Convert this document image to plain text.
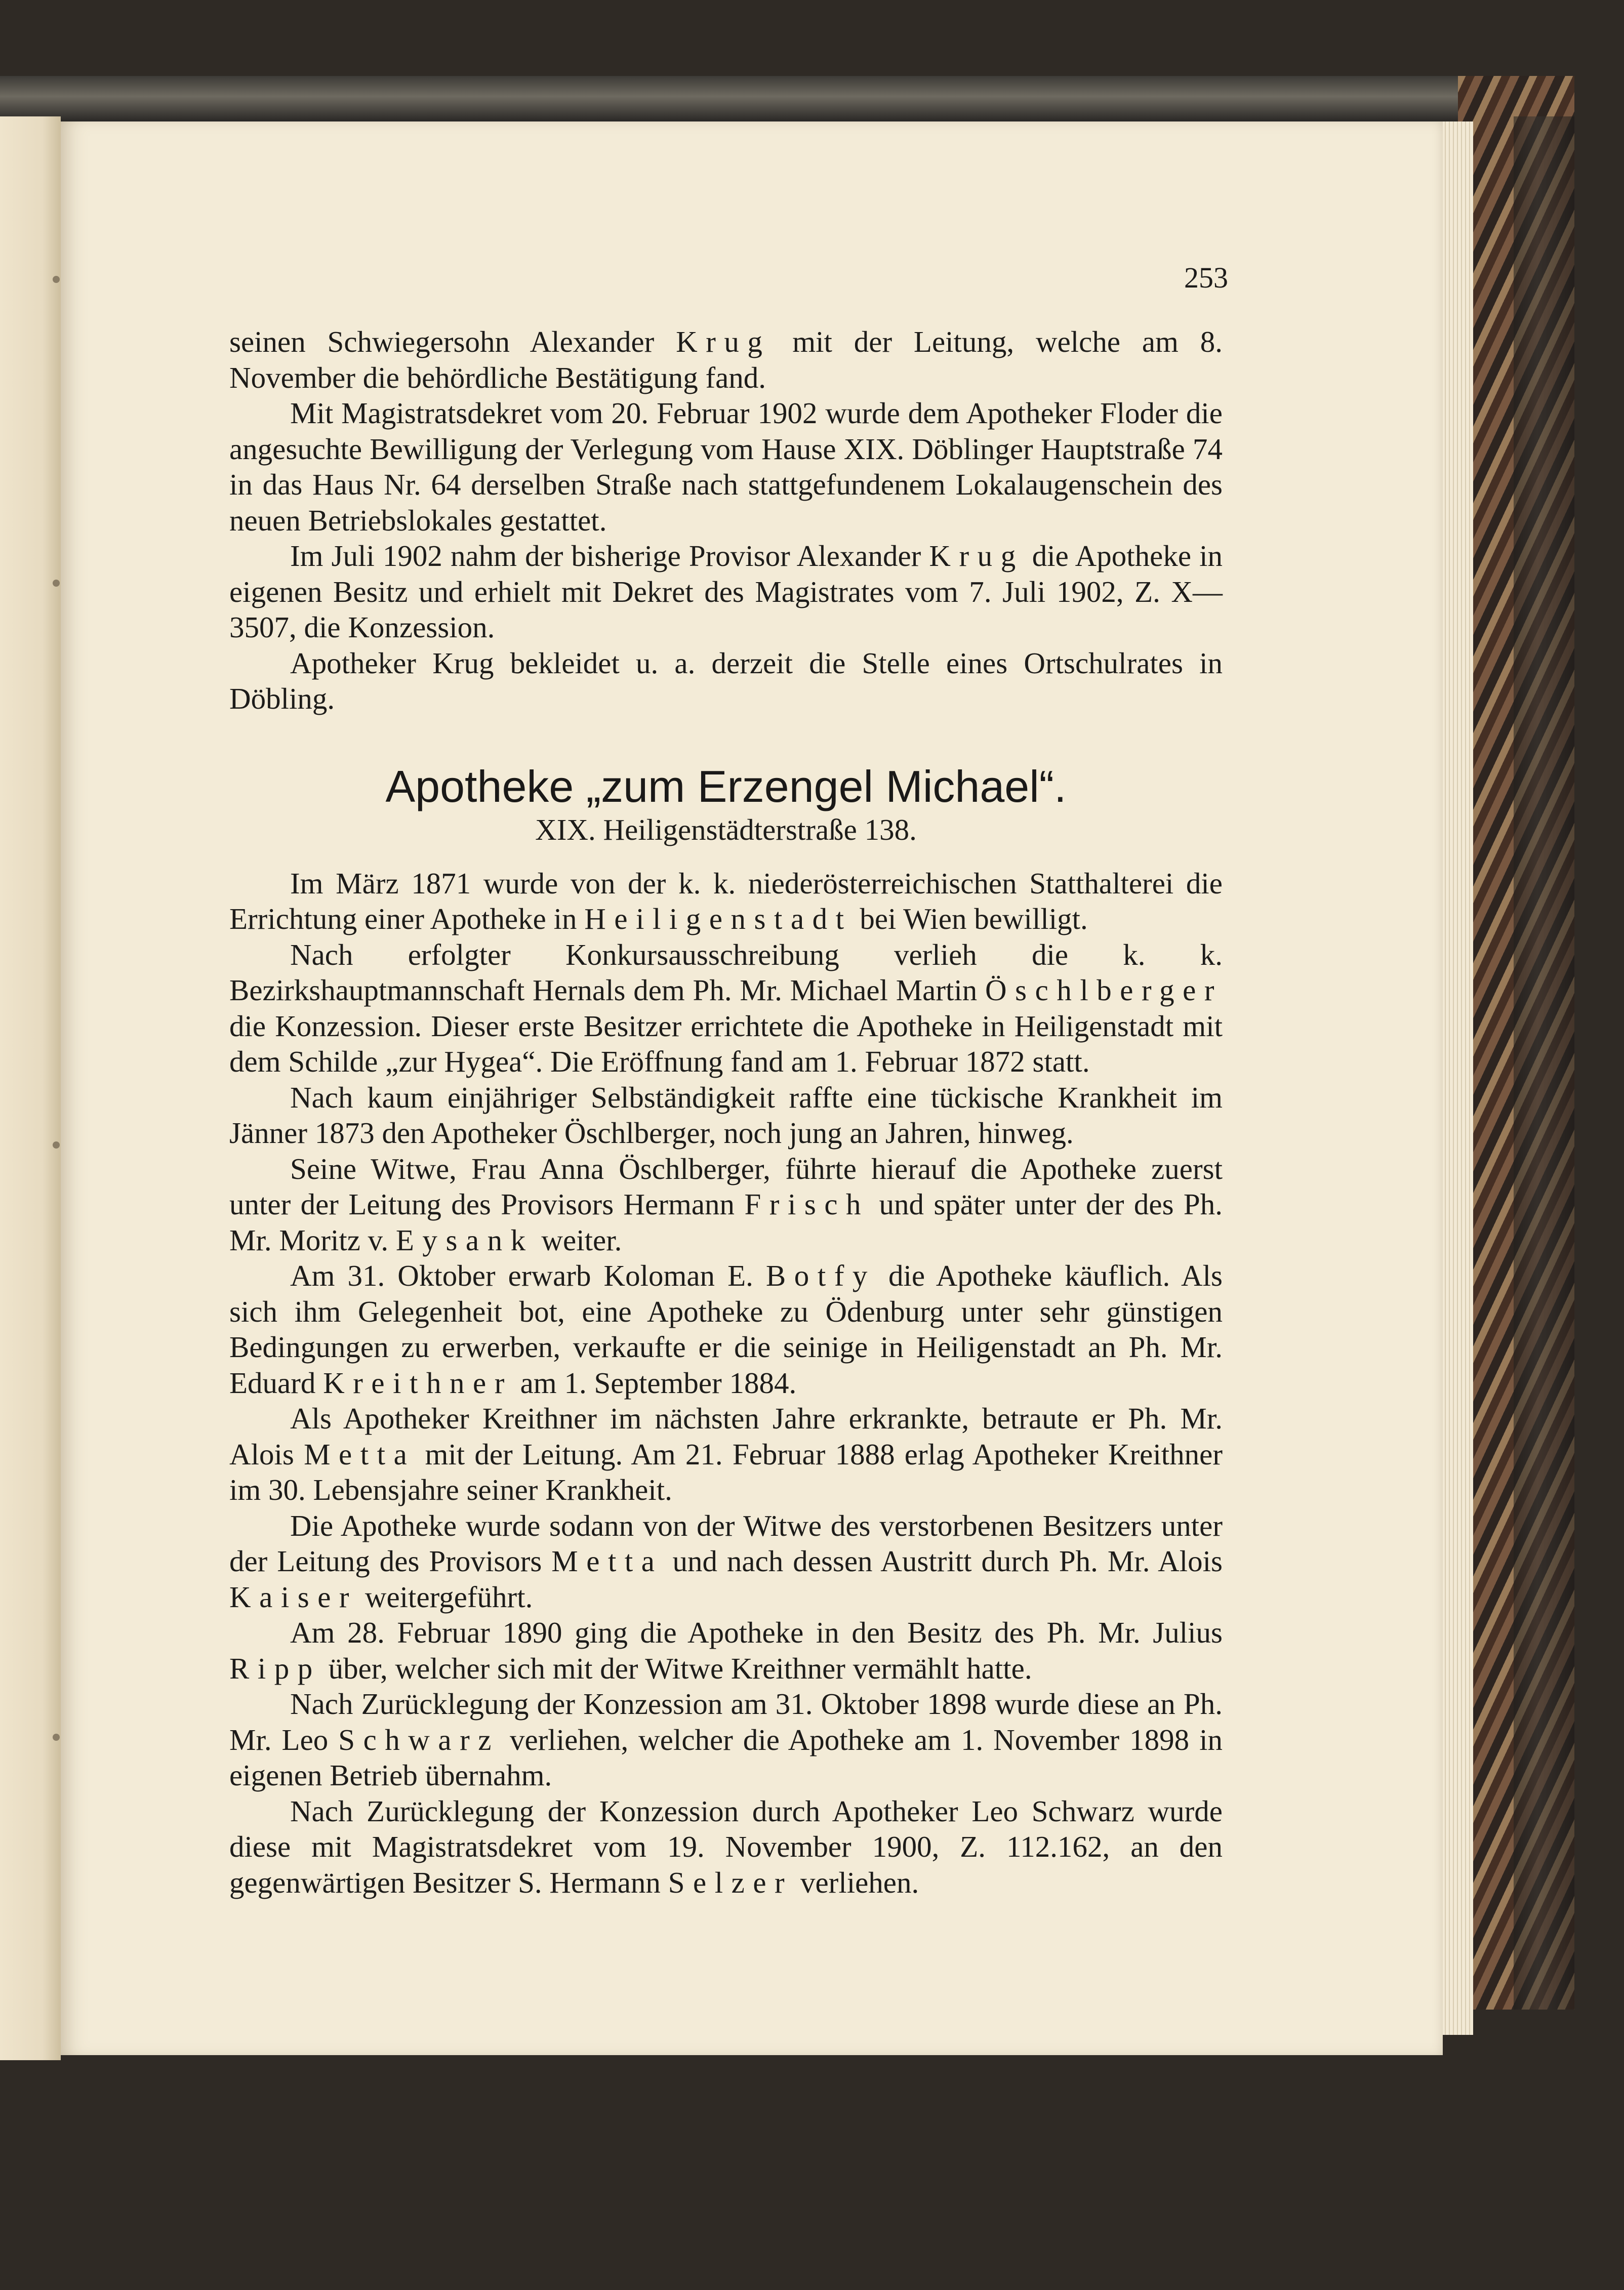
253

seinen Schwiegersohn Alexander Krug mit der Leitung, welche am 8. November die behördliche Bestätigung fand.

Mit Magistratsdekret vom 20. Februar 1902 wurde dem Apotheker Floder die angesuchte Bewilligung der Verlegung vom Hause XIX. Döblinger Hauptstraße 74 in das Haus Nr. 64 derselben Straße nach stattgefundenem Lokalaugenschein des neuen Betriebslokales gestattet.

Im Juli 1902 nahm der bisherige Provisor Alexander Krug die Apotheke in eigenen Besitz und erhielt mit Dekret des Magistrates vom 7. Juli 1902, Z. X—3507, die Konzession.

Apotheker Krug bekleidet u. a. derzeit die Stelle eines Ortschulrates in Döbling.

Apotheke „zum Erzengel Michael“.
XIX. Heiligenstädterstraße 138.

Im März 1871 wurde von der k. k. niederösterreichischen Statthalterei die Errichtung einer Apotheke in Heiligenstadt bei Wien bewilligt.

Nach erfolgter Konkursausschreibung verlieh die k. k. Bezirkshauptmannschaft Hernals dem Ph. Mr. Michael Martin Öschlberger die Konzession. Dieser erste Besitzer errichtete die Apotheke in Heiligenstadt mit dem Schilde „zur Hygea“. Die Eröffnung fand am 1. Februar 1872 statt.

Nach kaum einjähriger Selbständigkeit raffte eine tückische Krankheit im Jänner 1873 den Apotheker Öschlberger, noch jung an Jahren, hinweg.

Seine Witwe, Frau Anna Öschlberger, führte hierauf die Apotheke zuerst unter der Leitung des Provisors Hermann Frisch und später unter der des Ph. Mr. Moritz v. Eysank weiter.

Am 31. Oktober erwarb Koloman E. Botfy die Apotheke käuflich. Als sich ihm Gelegenheit bot, eine Apotheke zu Ödenburg unter sehr günstigen Bedingungen zu erwerben, verkaufte er die seinige in Heiligenstadt an Ph. Mr. Eduard Kreithner am 1. September 1884.

Als Apotheker Kreithner im nächsten Jahre erkrankte, betraute er Ph. Mr. Alois Metta mit der Leitung. Am 21. Februar 1888 erlag Apotheker Kreithner im 30. Lebensjahre seiner Krankheit.

Die Apotheke wurde sodann von der Witwe des verstorbenen Besitzers unter der Leitung des Provisors Metta und nach dessen Austritt durch Ph. Mr. Alois Kaiser weitergeführt.

Am 28. Februar 1890 ging die Apotheke in den Besitz des Ph. Mr. Julius Ripp über, welcher sich mit der Witwe Kreithner vermählt hatte.

Nach Zurücklegung der Konzession am 31. Oktober 1898 wurde diese an Ph. Mr. Leo Schwarz verliehen, welcher die Apotheke am 1. November 1898 in eigenen Betrieb übernahm.

Nach Zurücklegung der Konzession durch Apotheker Leo Schwarz wurde diese mit Magistratsdekret vom 19. November 1900, Z. 112.162, an den gegenwärtigen Besitzer S. Hermann Selzer verliehen.
